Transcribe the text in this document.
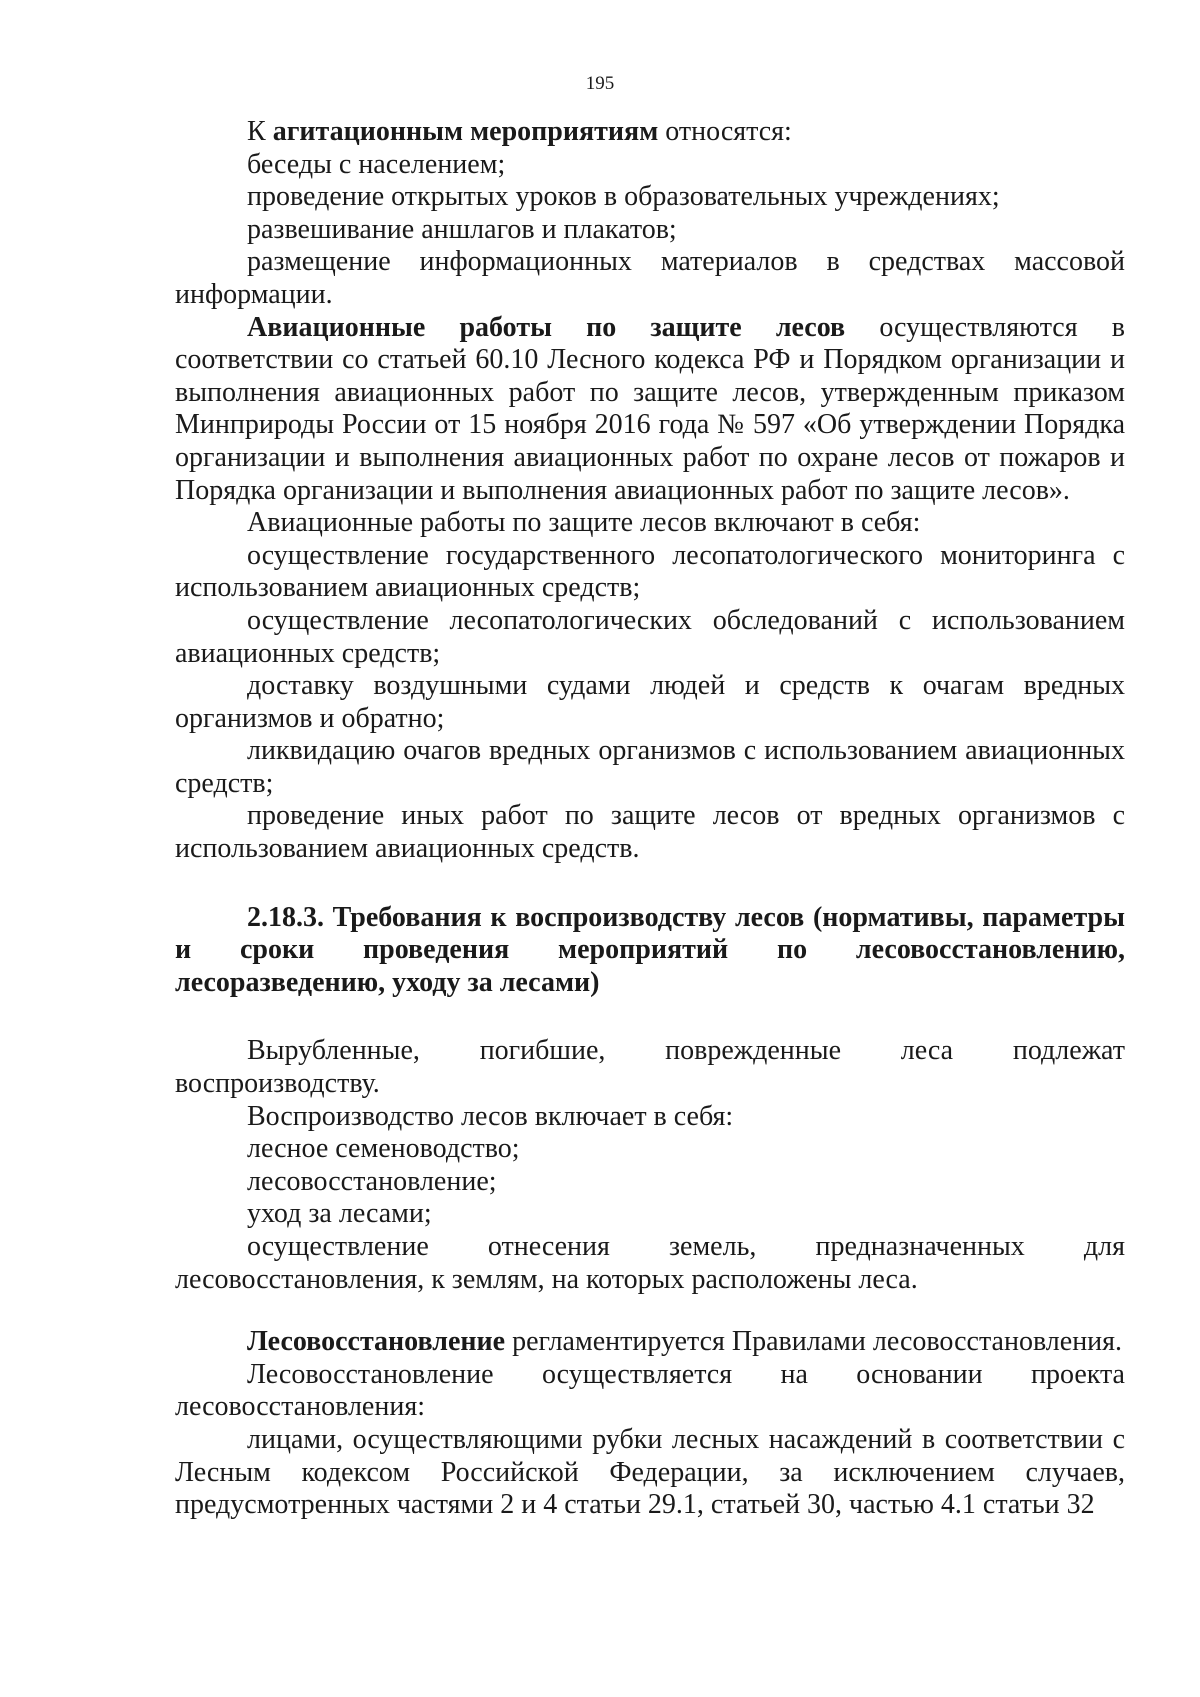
195

К агитационным мероприятиям относятся:

беседы с населением;

проведение открытых уроков в образовательных учреждениях;

развешивание аншлагов и плакатов;

размещение информационных материалов в средствах массовой информации.

Авиационные работы по защите лесов осуществляются в соответствии со статьей 60.10 Лесного кодекса РФ и Порядком организации и выполнения авиационных работ по защите лесов, утвержденным приказом Минприроды России от 15 ноября 2016 года № 597 «Об утверждении Порядка организации и выполнения авиационных работ по охране лесов от пожаров и Порядка организации и выполнения авиационных работ по защите лесов».

Авиационные работы по защите лесов включают в себя:

осуществление государственного лесопатологического мониторинга с использованием авиационных средств;

осуществление лесопатологических обследований с использованием авиационных средств;

доставку воздушными судами людей и средств к очагам вредных организмов и обратно;

ликвидацию очагов вредных организмов с использованием авиационных средств;

проведение иных работ по защите лесов от вредных организмов с использованием авиационных средств.

2.18.3. Требования к воспроизводству лесов (нормативы, параметры и сроки проведения мероприятий по лесовосстановлению, лесоразведению, уходу за лесами)

Вырубленные, погибшие, поврежденные леса подлежат воспроизводству.

Воспроизводство лесов включает в себя:

лесное семеноводство;

лесовосстановление;

уход за лесами;

осуществление отнесения земель, предназначенных для лесовосстановления, к землям, на которых расположены леса.

Лесовосстановление регламентируется Правилами лесовосстановления.

Лесовосстановление осуществляется на основании проекта лесовосстановления:

лицами, осуществляющими рубки лесных насаждений в соответствии с Лесным кодексом Российской Федерации, за исключением случаев, предусмотренных частями 2 и 4 статьи 29.1, статьей 30, частью 4.1 статьи 32
